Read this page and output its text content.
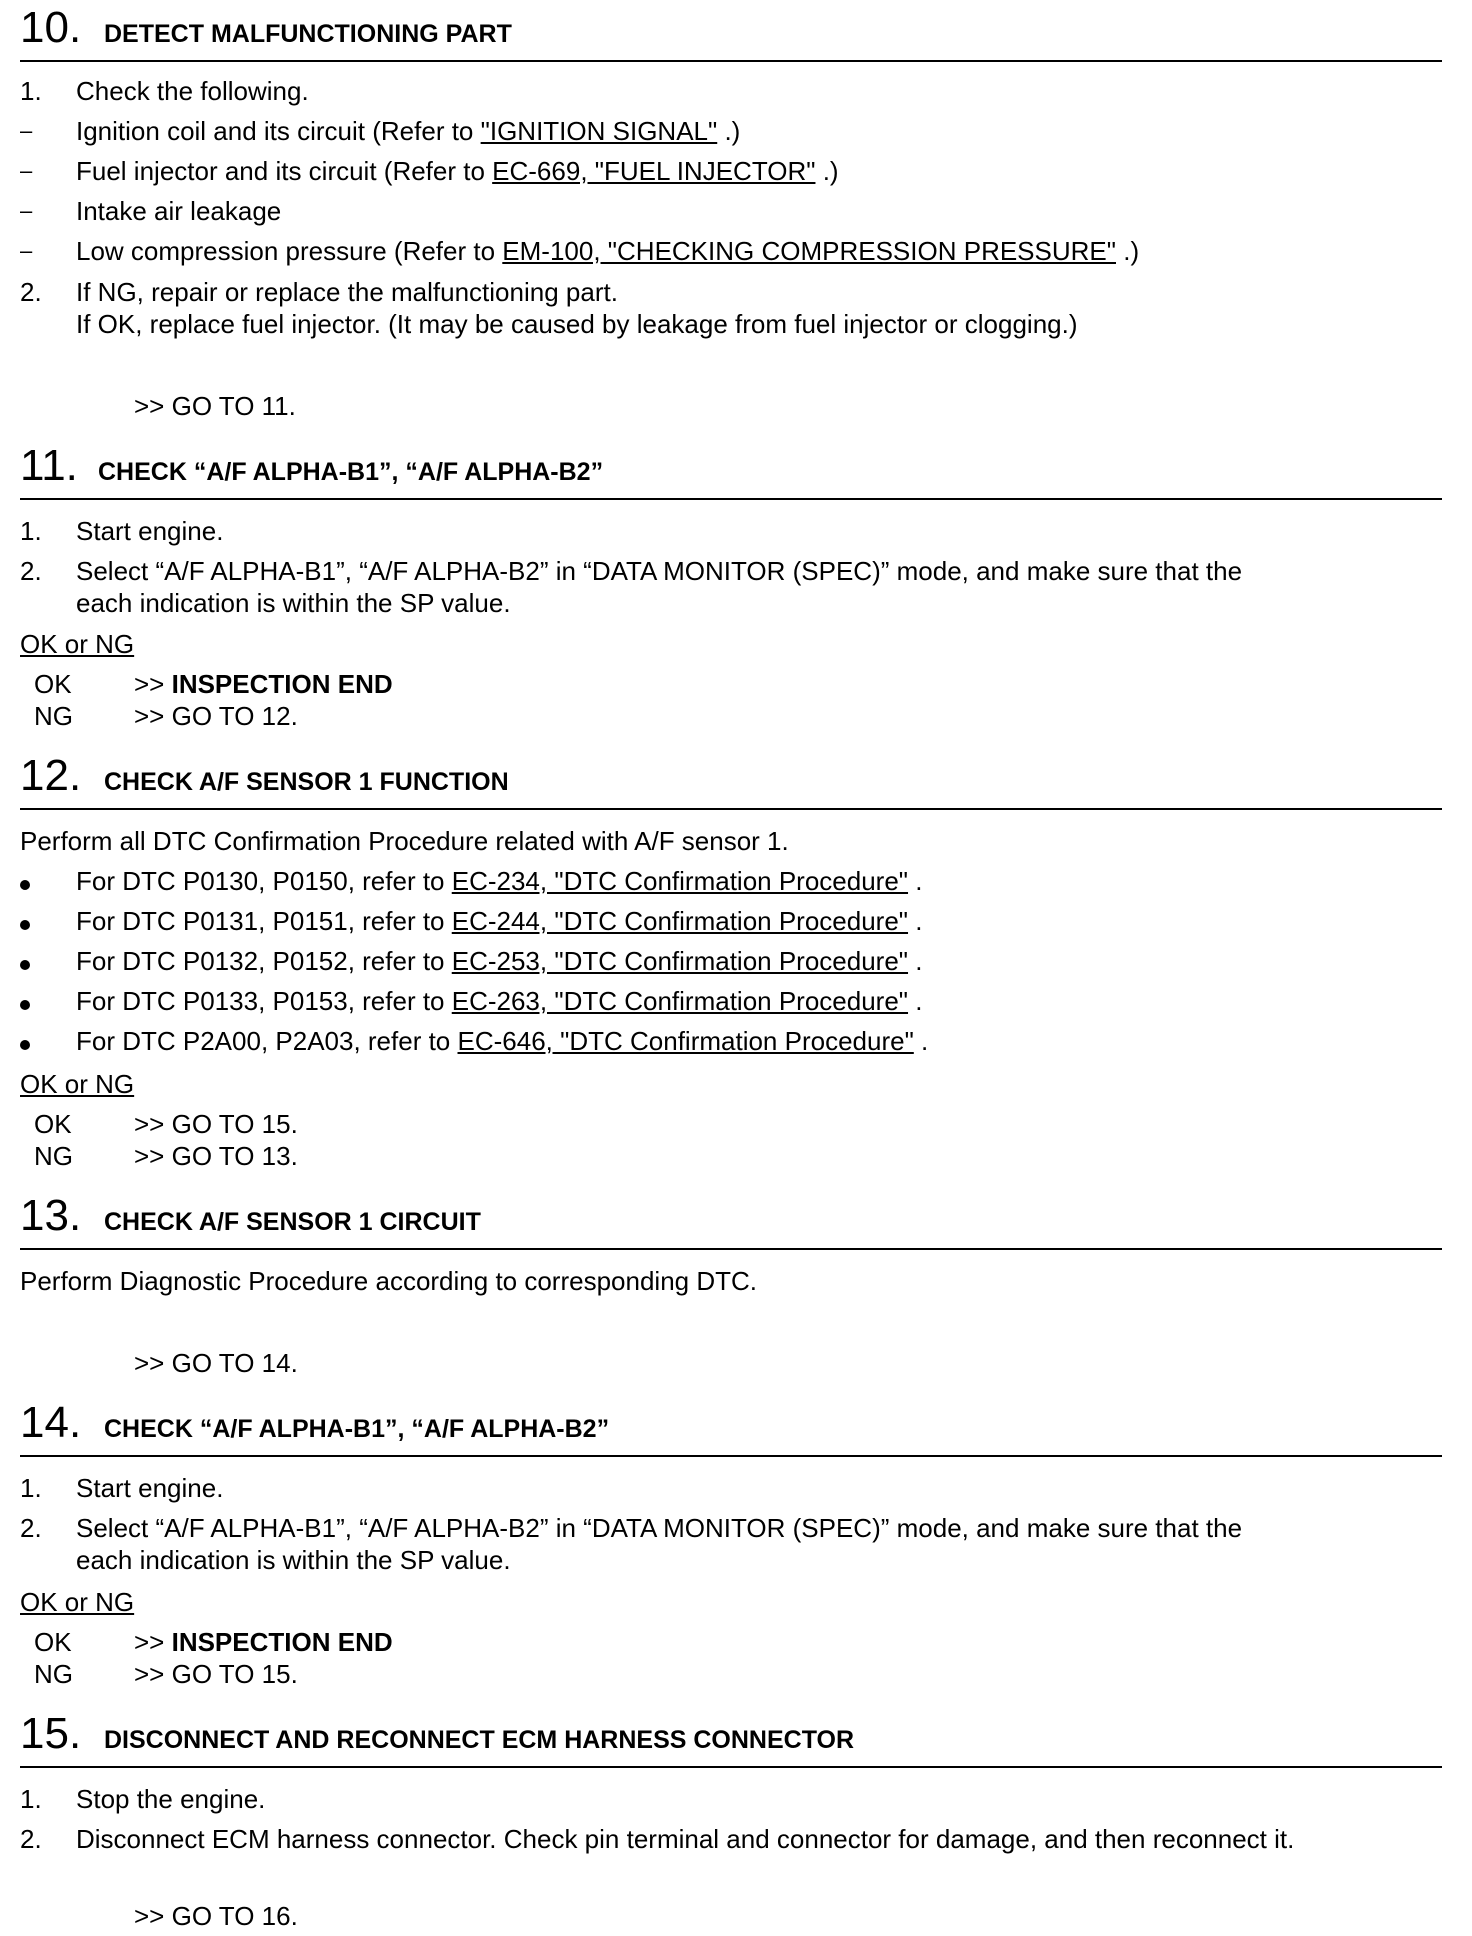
10. DETECT MALFUNCTIONING PART
1.	Check the following.
–	Ignition coil and its circuit (Refer to "IGNITION SIGNAL" .)
–	Fuel injector and its circuit (Refer to EC-669, "FUEL INJECTOR" .)
–	Intake air leakage
–	Low compression pressure (Refer to EM-100, "CHECKING COMPRESSION PRESSURE" .)
2.	If NG, repair or replace the malfunctioning part.
If OK, replace fuel injector. (It may be caused by leakage from fuel injector or clogging.)
>> GO TO 11.
11. CHECK “A/F ALPHA-B1”, “A/F ALPHA-B2”
1.	Start engine.
2.	Select “A/F ALPHA-B1”, “A/F ALPHA-B2” in “DATA MONITOR (SPEC)” mode, and make sure that the
each indication is within the SP value.
OK or NG
OK	>> INSPECTION END
NG	>> GO TO 12.
12. CHECK A/F SENSOR 1 FUNCTION
Perform all DTC Confirmation Procedure related with A/F sensor 1.
For DTC P0130, P0150, refer to EC-234, "DTC Confirmation Procedure" .
For DTC P0131, P0151, refer to EC-244, "DTC Confirmation Procedure" .
For DTC P0132, P0152, refer to EC-253, "DTC Confirmation Procedure" .
For DTC P0133, P0153, refer to EC-263, "DTC Confirmation Procedure" .
For DTC P2A00, P2A03, refer to EC-646, "DTC Confirmation Procedure" .
OK or NG
OK	>> GO TO 15.
NG	>> GO TO 13.
13. CHECK A/F SENSOR 1 CIRCUIT
Perform Diagnostic Procedure according to corresponding DTC.
>> GO TO 14.
14. CHECK “A/F ALPHA-B1”, “A/F ALPHA-B2”
1.	Start engine.
2.	Select “A/F ALPHA-B1”, “A/F ALPHA-B2” in “DATA MONITOR (SPEC)” mode, and make sure that the
each indication is within the SP value.
OK or NG
OK	>> INSPECTION END
NG	>> GO TO 15.
15. DISCONNECT AND RECONNECT ECM HARNESS CONNECTOR
1.	Stop the engine.
2.	Disconnect ECM harness connector. Check pin terminal and connector for damage, and then reconnect it.
>> GO TO 16.
